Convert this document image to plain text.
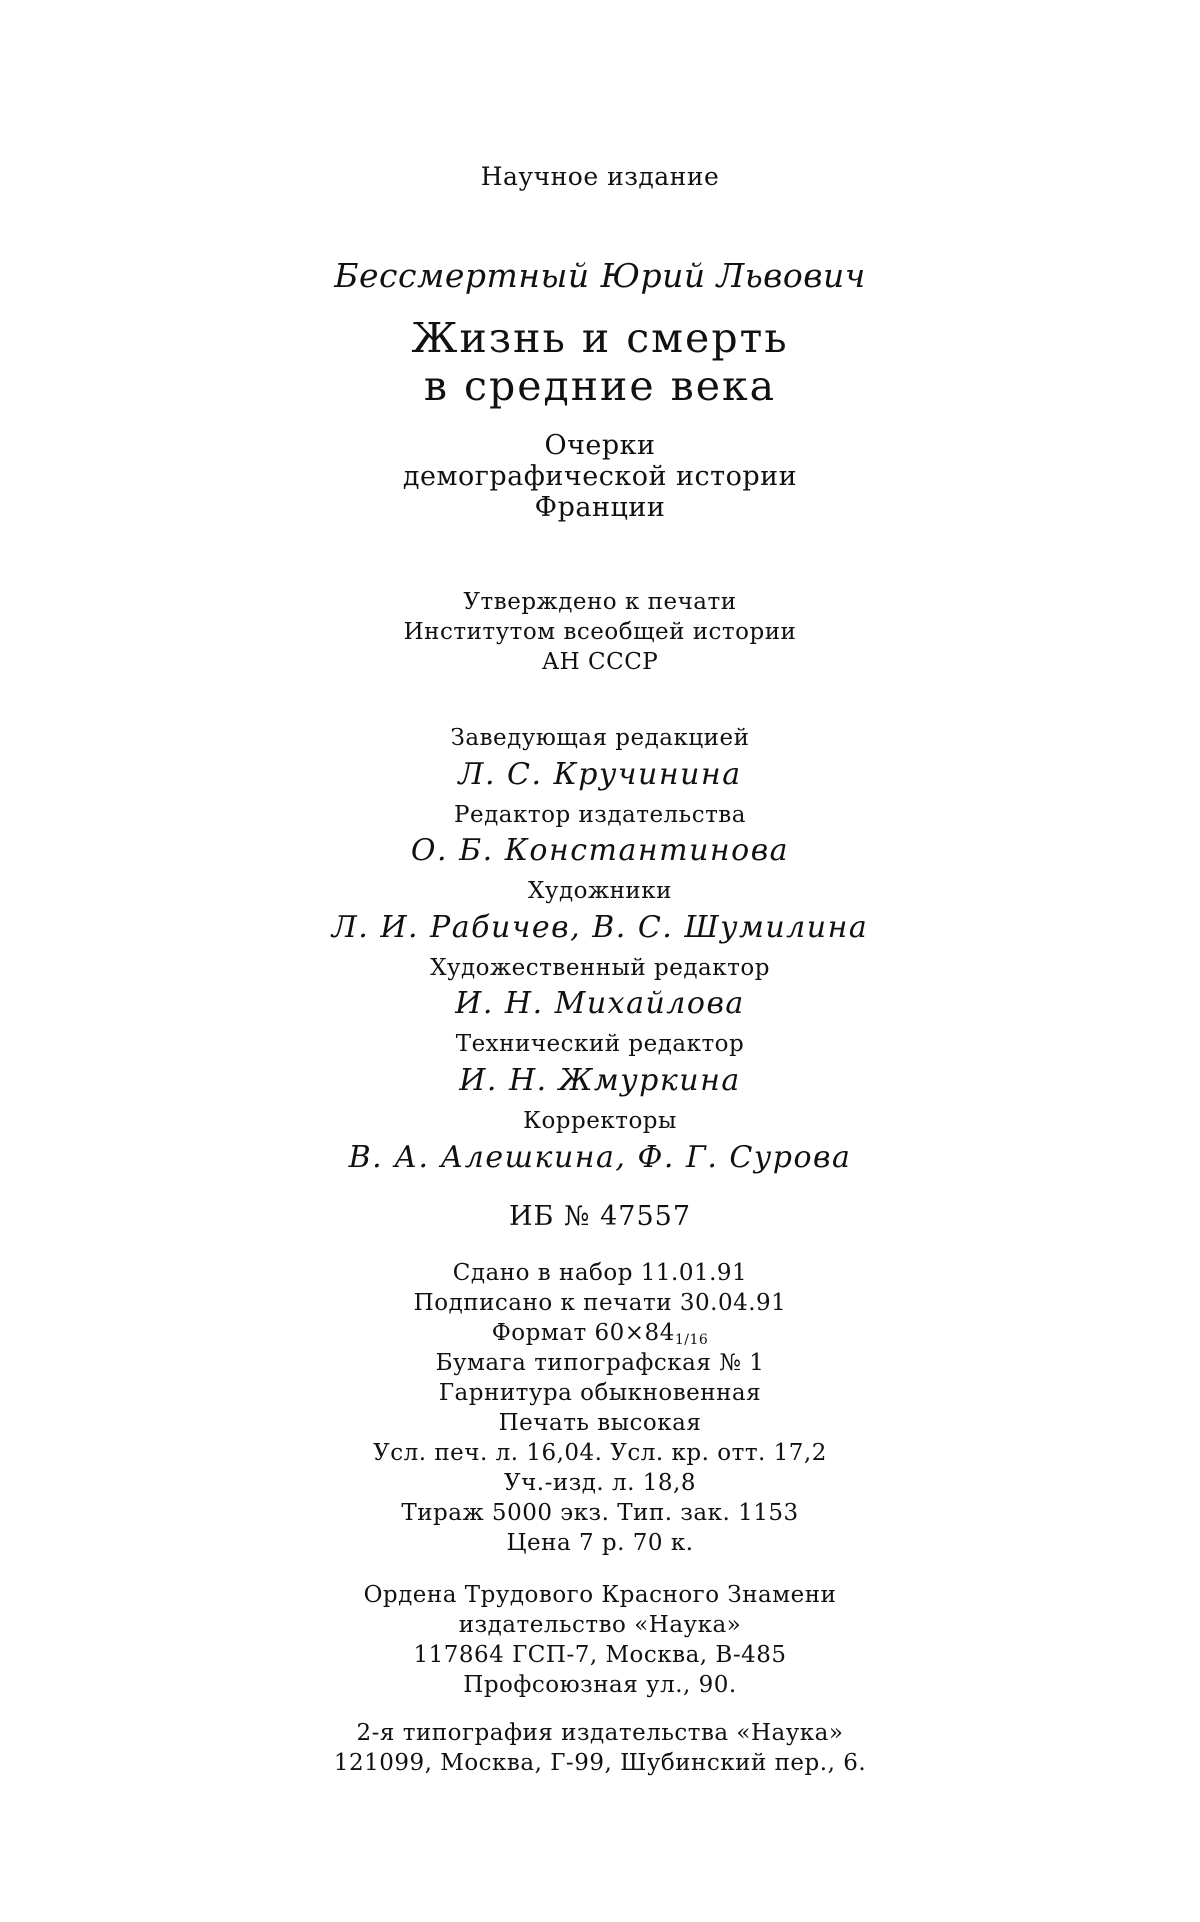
Научное издание
Бессмертный Юрий Львович
Жизнь и смерть
в средние века
Очерки
демографической истории
Франции
Утверждено к печати
Институтом всеобщей истории
АН СССР
Заведующая редакцией
Л. С. Кручинина
Редактор издательства
О. Б. Константинова
Художники
Л. И. Рабичев, В. С. Шумилина
Художественный редактор
И. Н. Михайлова
Технический редактор
И. Н. Жмуркина
Корректоры
В. А. Алешкина, Ф. Г. Сурова
ИБ № 47557
Сдано в набор 11.01.91
Подписано к печати 30.04.91
Формат 60×841/16
Бумага типографская № 1
Гарнитура обыкновенная
Печать высокая
Усл. печ. л. 16,04. Усл. кр. отт. 17,2
Уч.-изд. л. 18,8
Тираж 5000 экз. Тип. зак. 1153
Цена 7 р. 70 к.
Ордена Трудового Красного Знамени
издательство «Наука»
117864 ГСП-7, Москва, В-485
Профсоюзная ул., 90.
2-я типография издательства «Наука»
121099, Москва, Г-99, Шубинский пер., 6.
